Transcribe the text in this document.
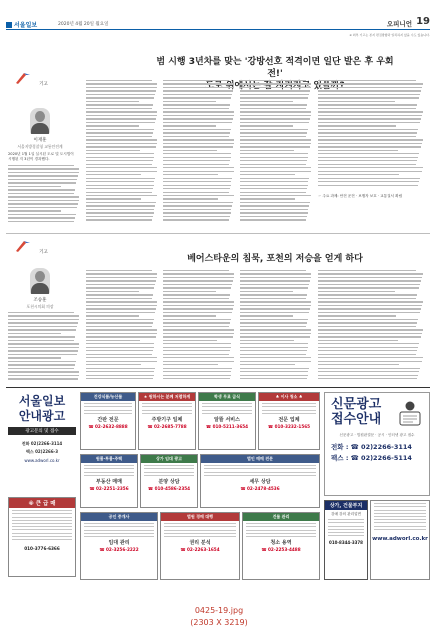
서울일보	2020년 4월 20일 월요일	오피니언 19
※ 외부 기고는 본지 편집방향과 일치하지 않을 수도 있습니다.
기고
범 시행 3년차를 맞는 '강방선호 적격이면 일단 발은 후 우회전!'
이재훈
서울지방경찰청 교통안전계
2020년 1월 1일 실시된 도로 및 도시법이 시행된 지 3년이 경과했다.
☞ 주요 과제: 안전 운전 · 보행자 보호 · 교통질서 확립
기고
베어스타운의 침묵, 포천의 저승을 얻게 하다
조승훈
포천시의회 의장
서울일보
안내광고
광고문의 및 접수
전화 02)2266-3114
팩스 02)2266-3
www.adworl.co.kr
※ 큰 급 매
010-3776-6366
건강식품/농산물
간판 전문
☎ 02-2632-8888
★ 원하시는 분께 저렴하게
주방기구 일체
☎ 02-2685-7788
학생 무료 급식
알뜰 서비스
☎ 010-5211-3654
♣ 이사 청소 ♣
전문 업체
☎ 010-3232-1565
원룸·투룸·주택
부동산 매매
☎ 02-2251-2356
상가 임대 광고
분양 상담
☎ 010-4586-2354
법인 매매 전문
세무 상담
☎ 02-2478-4536
공인 중개사
임대 관리
☎ 02-3256-2222
법원 경매 대행
권리 분석
☎ 02-2263-1654
건물 관리
청소 용역
☎ 02-2253-4488
상가, 건물부지
강매 강의 관리업면
010-8344-3378
신문광고
접수안내
신문광고 · 법원판결문 · 공시 · 인터넷 광고 접수
전화 : ☎ 02)2266-3114
팩스 : ☎ 02)2266-5114
www.adworl.co.kr
0425-19.jpg
(2303 X 3219)
